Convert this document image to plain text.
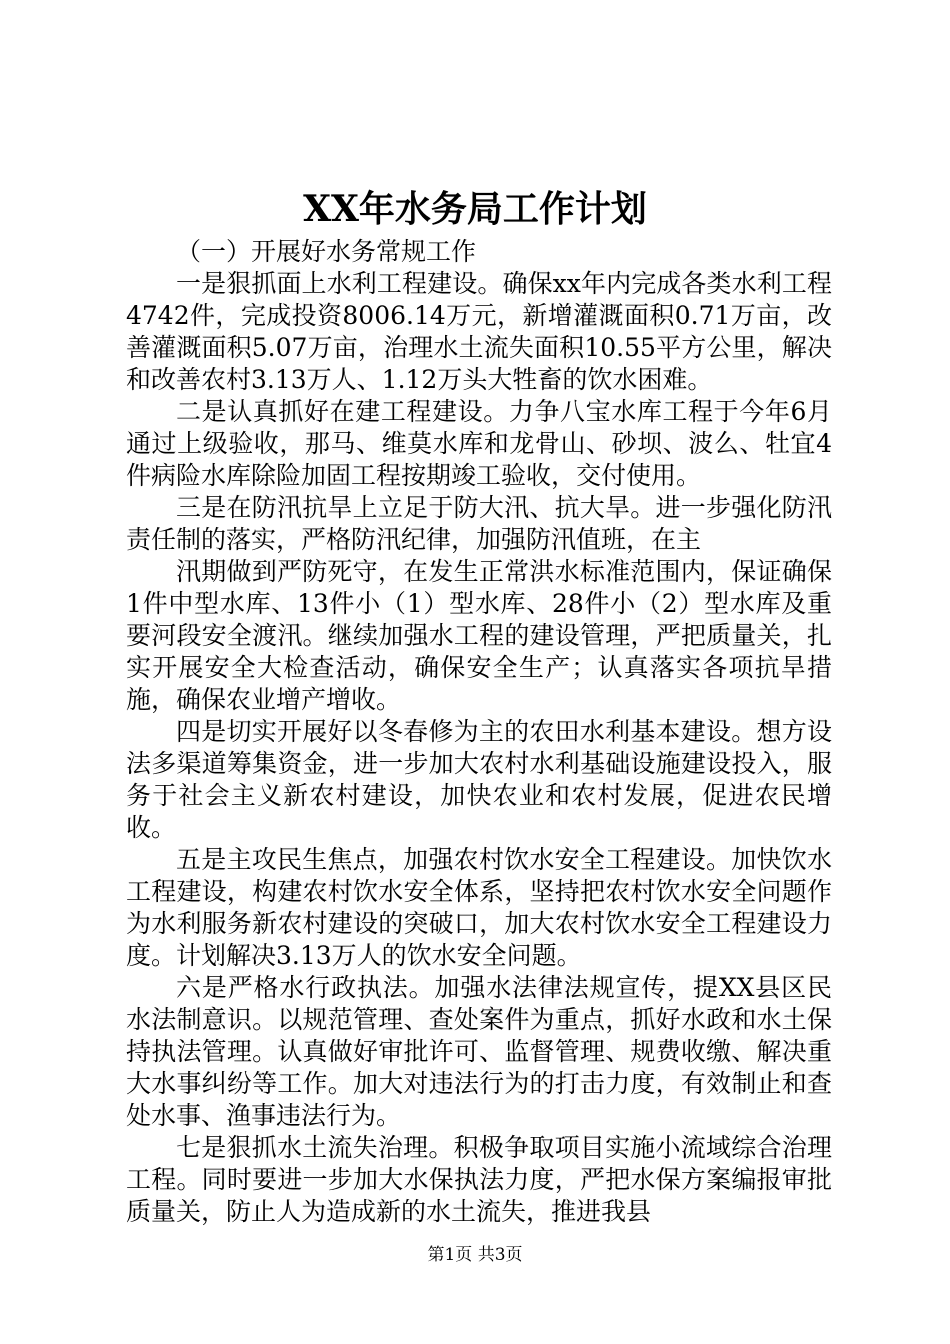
XX年水务局工作计划

（一）开展好水务常规工作

一是狠抓面上水利工程建设。确保xx年内完成各类水利工程4742件，完成投资8006.14万元，新增灌溉面积0.71万亩，改善灌溉面积5.07万亩，治理水土流失面积10.55平方公里，解决和改善农村3.13万人、1.12万头大牲畜的饮水困难。

二是认真抓好在建工程建设。力争八宝水库工程于今年6月通过上级验收，那马、维莫水库和龙骨山、砂坝、波么、牡宜4件病险水库除险加固工程按期竣工验收，交付使用。

三是在防汛抗旱上立足于防大汛、抗大旱。进一步强化防汛责任制的落实，严格防汛纪律，加强防汛值班，在主

汛期做到严防死守，在发生正常洪水标准范围内，保证确保1件中型水库、13件小（1）型水库、28件小（2）型水库及重要河段安全渡汛。继续加强水工程的建设管理，严把质量关，扎实开展安全大检查活动，确保安全生产；认真落实各项抗旱措施，确保农业增产增收。

四是切实开展好以冬春修为主的农田水利基本建设。想方设法多渠道筹集资金，进一步加大农村水利基础设施建设投入，服务于社会主义新农村建设，加快农业和农村发展，促进农民增收。

五是主攻民生焦点，加强农村饮水安全工程建设。加快饮水工程建设，构建农村饮水安全体系，坚持把农村饮水安全问题作为水利服务新农村建设的突破口，加大农村饮水安全工程建设力度。计划解决3.13万人的饮水安全问题。

六是严格水行政执法。加强水法律法规宣传，提XX县区民水法制意识。以规范管理、查处案件为重点，抓好水政和水土保持执法管理。认真做好审批许可、监督管理、规费收缴、解决重大水事纠纷等工作。加大对违法行为的打击力度，有效制止和查处水事、渔事违法行为。

七是狠抓水土流失治理。积极争取项目实施小流域综合治理工程。同时要进一步加大水保执法力度，严把水保方案编报审批质量关，防止人为造成新的水土流失，推进我县

第1页 共3页
